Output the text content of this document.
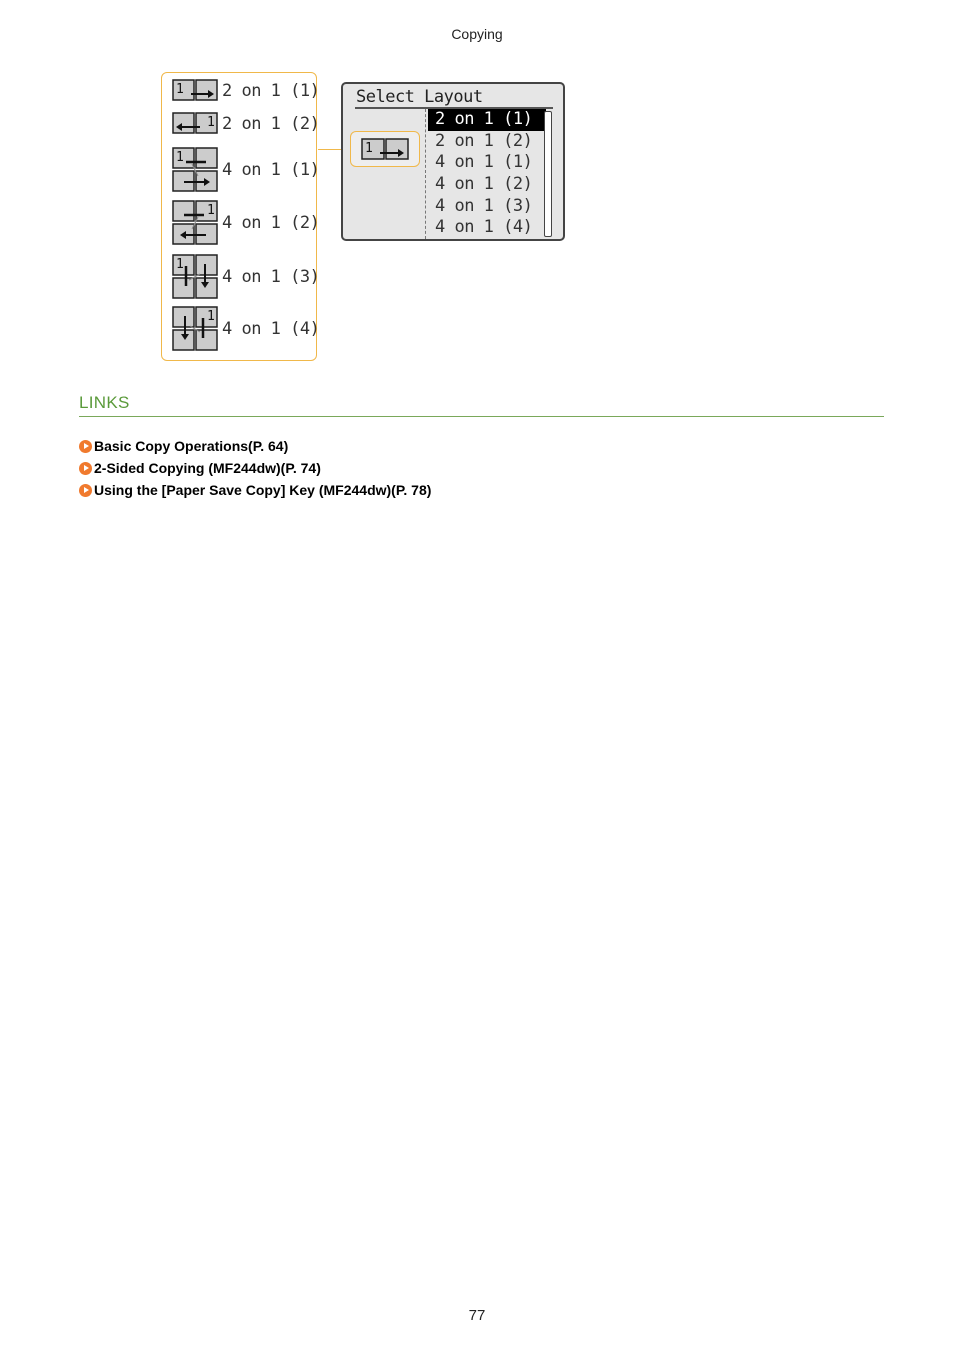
Copying
1 2 on 1 (1)
1 2 on 1 (2)
1
4 on 1 (1)
1
4 on 1 (2)
1
4 on 1 (3)
1
4 on 1 (4)
Select Layout
1
2 on 1 (1)
2 on 1 (2)
4 on 1 (1)
4 on 1 (2)
4 on 1 (3)
4 on 1 (4)
LINKS
Basic Copy Operations(P. 64)
2-Sided Copying (MF244dw)(P. 74)
Using the [Paper Save Copy] Key (MF244dw)(P. 78)
77
